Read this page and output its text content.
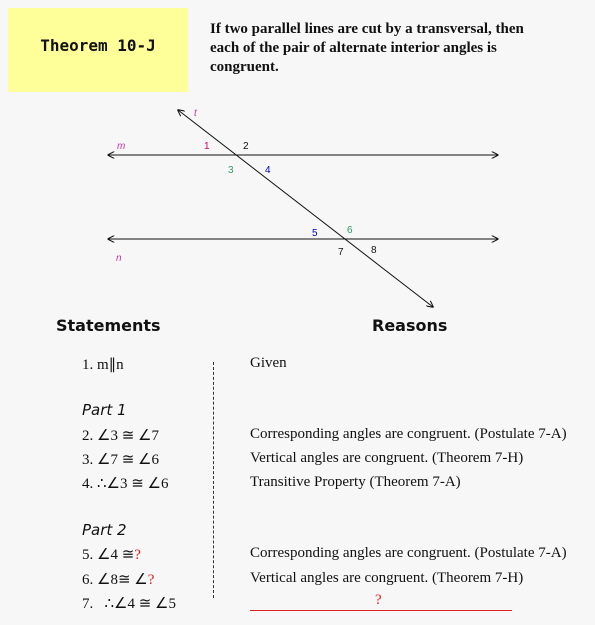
Theorem 10-J
If two parallel lines are cut by a transversal, then each of the pair of alternate interior angles is congruent.
m
n
t
1	2
3	4
5	6
7	8
Statements	Reasons
1. m∥n	Given
Part 1
2. ∠3 ≅ ∠7	Corresponding angles are congruent. (Postulate 7-A)
3. ∠7 ≅ ∠6	Vertical angles are congruent. (Theorem 7-H)
4. ∴∠3 ≅ ∠6	Transitive Property (Theorem 7-A)
Part 2
5. ∠4 ≅?	Corresponding angles are congruent. (Postulate 7-A)
6. ∠8≅ ∠?	Vertical angles are congruent. (Theorem 7-H)
7.   ∴∠4 ≅ ∠5	?
